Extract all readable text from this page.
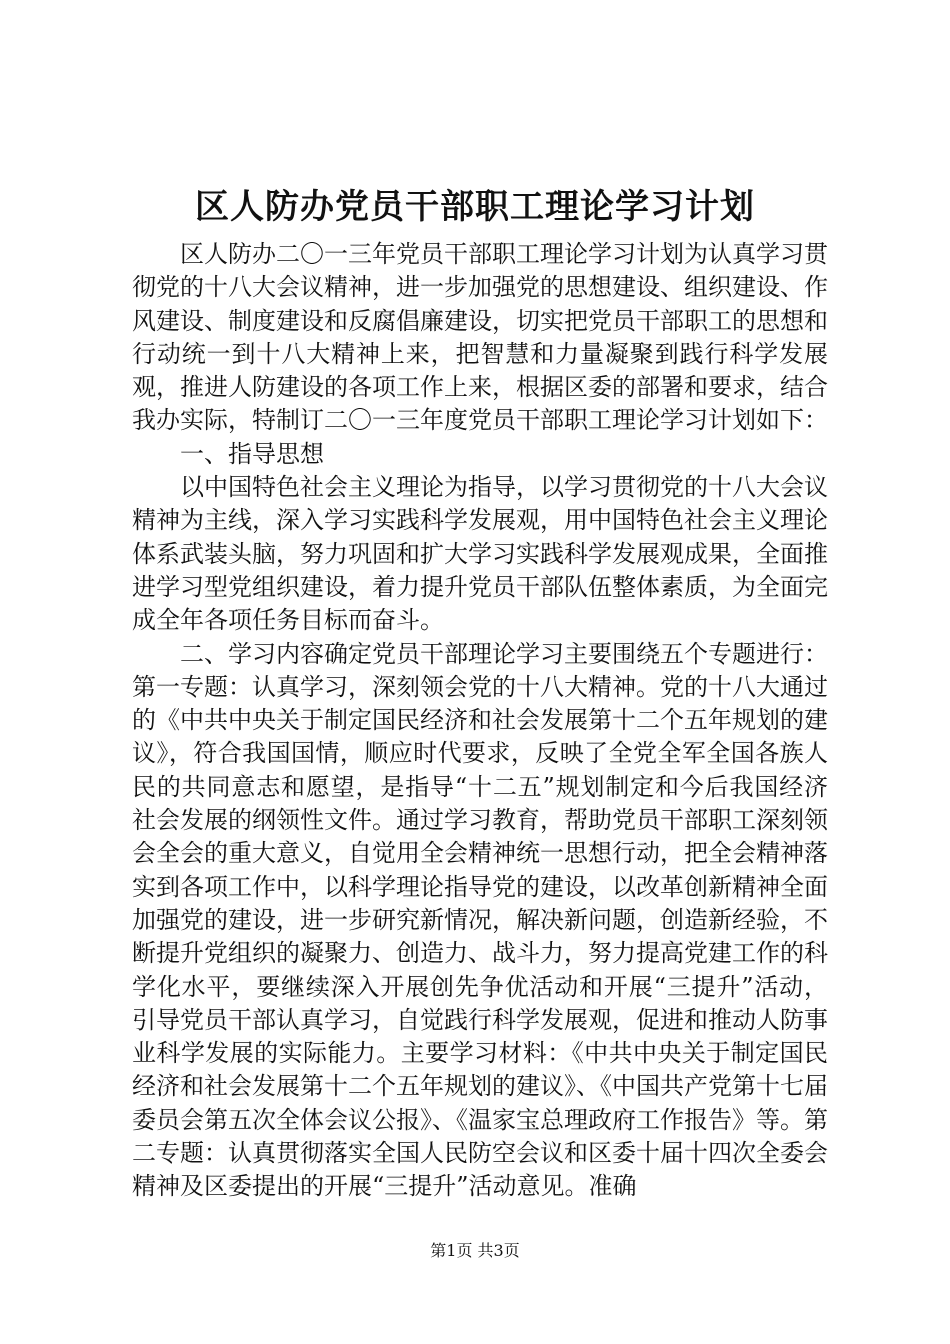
区人防办党员干部职工理论学习计划

区人防办二〇一三年党员干部职工理论学习计划为认真学习贯彻党的十八大会议精神，进一步加强党的思想建设、组织建设、作风建设、制度建设和反腐倡廉建设，切实把党员干部职工的思想和行动统一到十八大精神上来，把智慧和力量凝聚到践行科学发展观，推进人防建设的各项工作上来，根据区委的部署和要求，结合我办实际，特制订二〇一三年度党员干部职工理论学习计划如下：

一、指导思想

以中国特色社会主义理论为指导，以学习贯彻党的十八大会议精神为主线，深入学习实践科学发展观，用中国特色社会主义理论体系武装头脑，努力巩固和扩大学习实践科学发展观成果，全面推进学习型党组织建设，着力提升党员干部队伍整体素质，为全面完成全年各项任务目标而奋斗。

二、学习内容确定党员干部理论学习主要围绕五个专题进行：第一专题：认真学习，深刻领会党的十八大精神。党的十八大通过的《中共中央关于制定国民经济和社会发展第十二个五年规划的建议》，符合我国国情，顺应时代要求，反映了全党全军全国各族人民的共同意志和愿望，是指导“十二五”规划制定和今后我国经济社会发展的纲领性文件。通过学习教育，帮助党员干部职工深刻领会全会的重大意义，自觉用全会精神统一思想行动，把全会精神落实到各项工作中，以科学理论指导党的建设，以改革创新精神全面加强党的建设，进一步研究新情况，解决新问题，创造新经验，不断提升党组织的凝聚力、创造力、战斗力，努力提高党建工作的科学化水平，要继续深入开展创先争优活动和开展“三提升”活动，引导党员干部认真学习，自觉践行科学发展观，促进和推动人防事业科学发展的实际能力。主要学习材料：《中共中央关于制定国民经济和社会发展第十二个五年规划的建议》、《中国共产党第十七届委员会第五次全体会议公报》、《温家宝总理政府工作报告》等。第二专题：认真贯彻落实全国人民防空会议和区委十届十四次全委会精神及区委提出的开展“三提升”活动意见。准确

第1页 共3页
